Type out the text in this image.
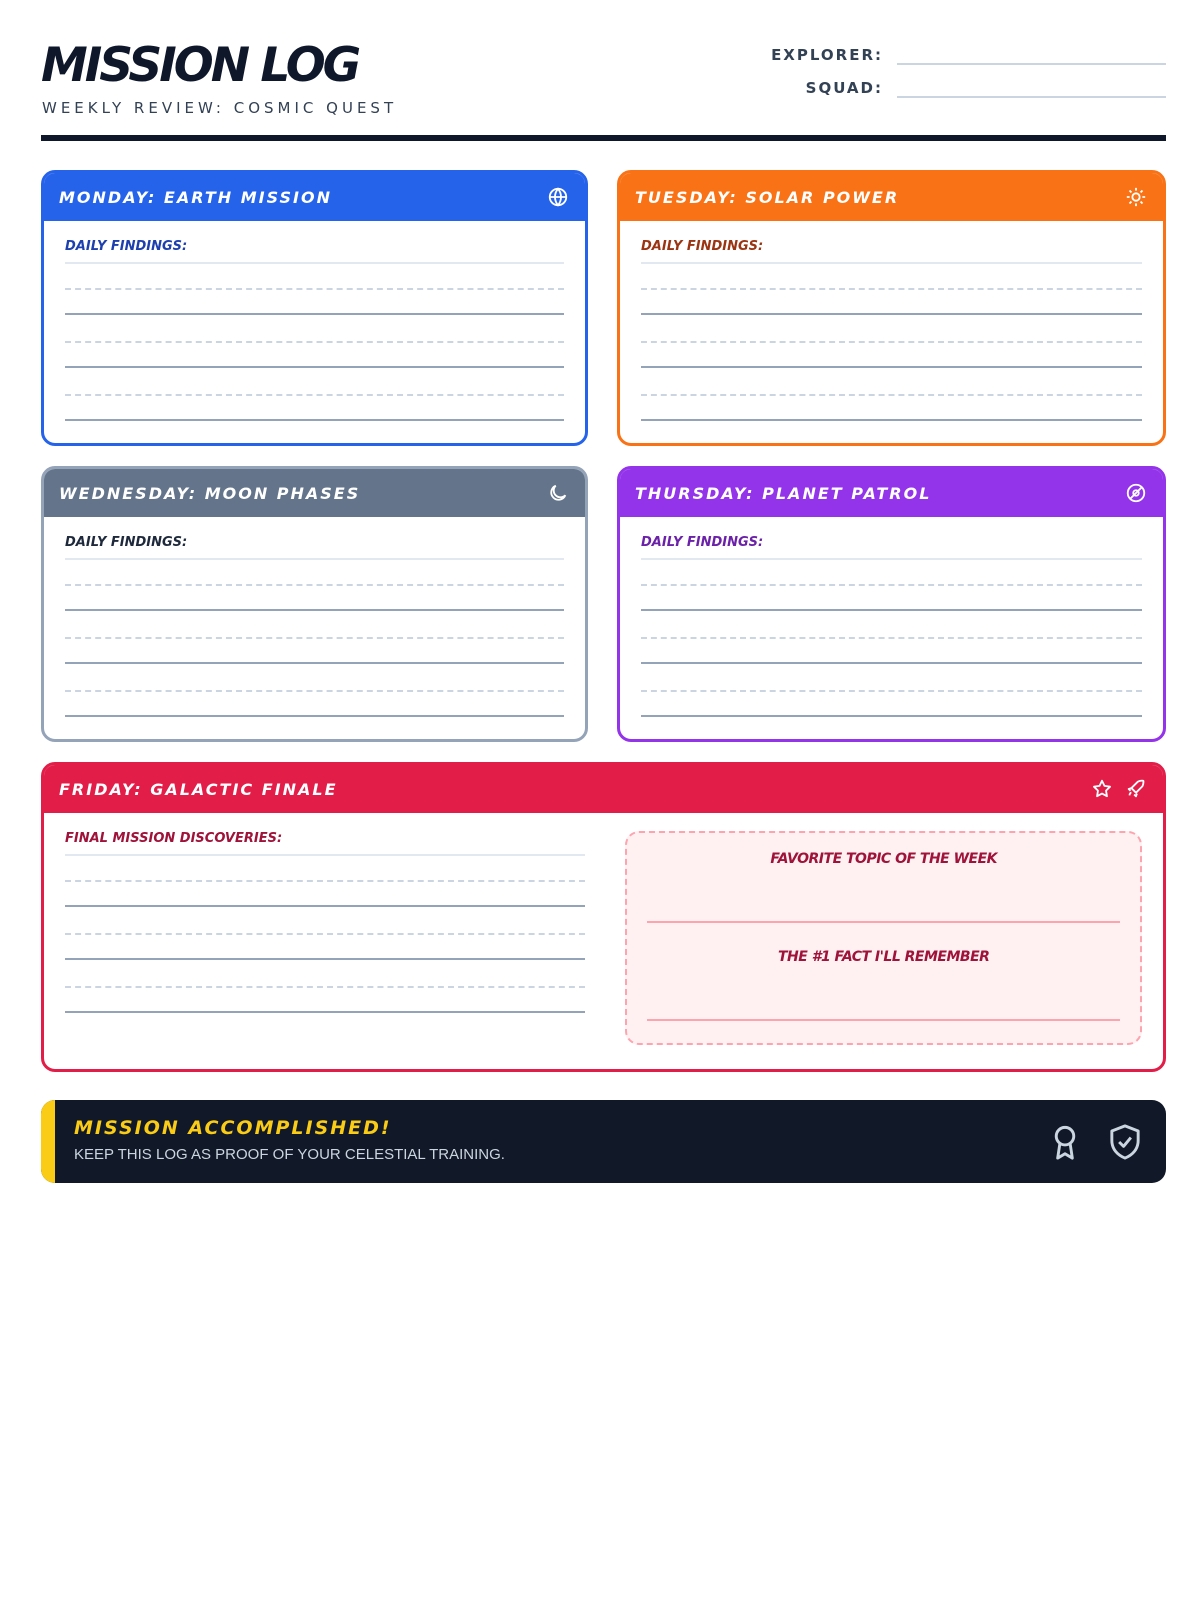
MISSION LOG
WEEKLY REVIEW: COSMIC QUEST
EXPLORER:
SQUAD:
MONDAY: EARTH MISSION
DAILY FINDINGS:
TUESDAY: SOLAR POWER
DAILY FINDINGS:
WEDNESDAY: MOON PHASES
DAILY FINDINGS:
THURSDAY: PLANET PATROL
DAILY FINDINGS:
FRIDAY: GALACTIC FINALE
FINAL MISSION DISCOVERIES:
FAVORITE TOPIC OF THE WEEK
THE #1 FACT I'LL REMEMBER
MISSION ACCOMPLISHED!
KEEP THIS LOG AS PROOF OF YOUR CELESTIAL TRAINING.
